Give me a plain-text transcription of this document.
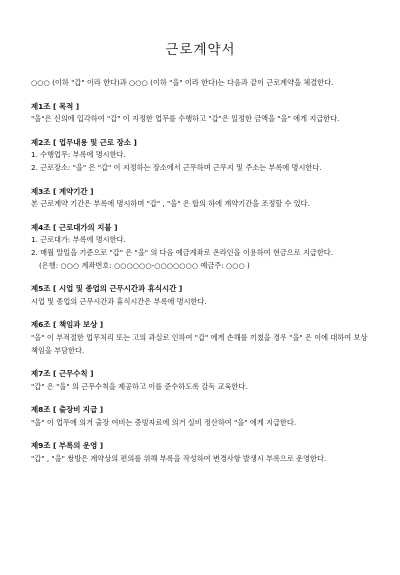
근로계약서

○○○ (이하 "갑" 이라 한다)과 ○○○ (이하 "을" 이라 한다)는 다음과 같이 근로계약을 체결한다.

제1조 [ 목적 ]

"을"은 신의에 입각하여 "갑" 이 지정한 업무를 수행하고 "갑"은 일정한 금액을 "을" 에게 지급한다.

제2조 [ 업무내용 및 근로 장소 ]

1. 수행업무: 부록에 명시한다.

2. 근로장소: "을" 은 "갑" 이 지정하는 장소에서 근무하며 근무지 및 주소는 부록에 명시한다.

제3조 [ 계약기간 ]

본 근로계약 기간은 부록에 명시하며 "갑" , "을" 은 합의 하에 계약기간을 조정할 수 있다.

제4조 [ 근로대가의 지불 ]

1. 근로대가: 부록에 명시한다.

2. 매월 말일을 기준으로 "갑" 은 "을" 의 다음 예금계좌로 온라인을 이용하여 현금으로 지급한다.

(은행: ○○○ 계좌번호: ○○○○○○-○○○○○○○ 예금주: ○○○ )

제5조 [ 시업 및 종업의 근무시간과 휴식시간 ]

시업 및 종업의 근무시간과 휴식시간은 부록에 명시한다.

제6조 [ 책임과 보상 ]

"을" 이 부적절한 업무처리 또는 고의 과실로 인하여 "갑" 에게 손해를 끼쳤을 경우 "을" 은 이에 대하여 보상책임을 부담한다.

제7조 [ 근무수칙 ]

"갑" 은 "을" 의 근무수칙을 제공하고 이를 준수하도록 감독 교육한다.

제8조 [ 출장비 지급 ]

"을" 이 업무에 의거 출장 여비는 증빙자료에 의거 실비 정산하여 "을" 에게 지급한다.

제9조 [ 부록의 운영 ]

"갑" , "을" 쌍방은 계약상의 편의를 위해 부록을 작성하여 변경사항 발생시 부록으로 운영한다.
